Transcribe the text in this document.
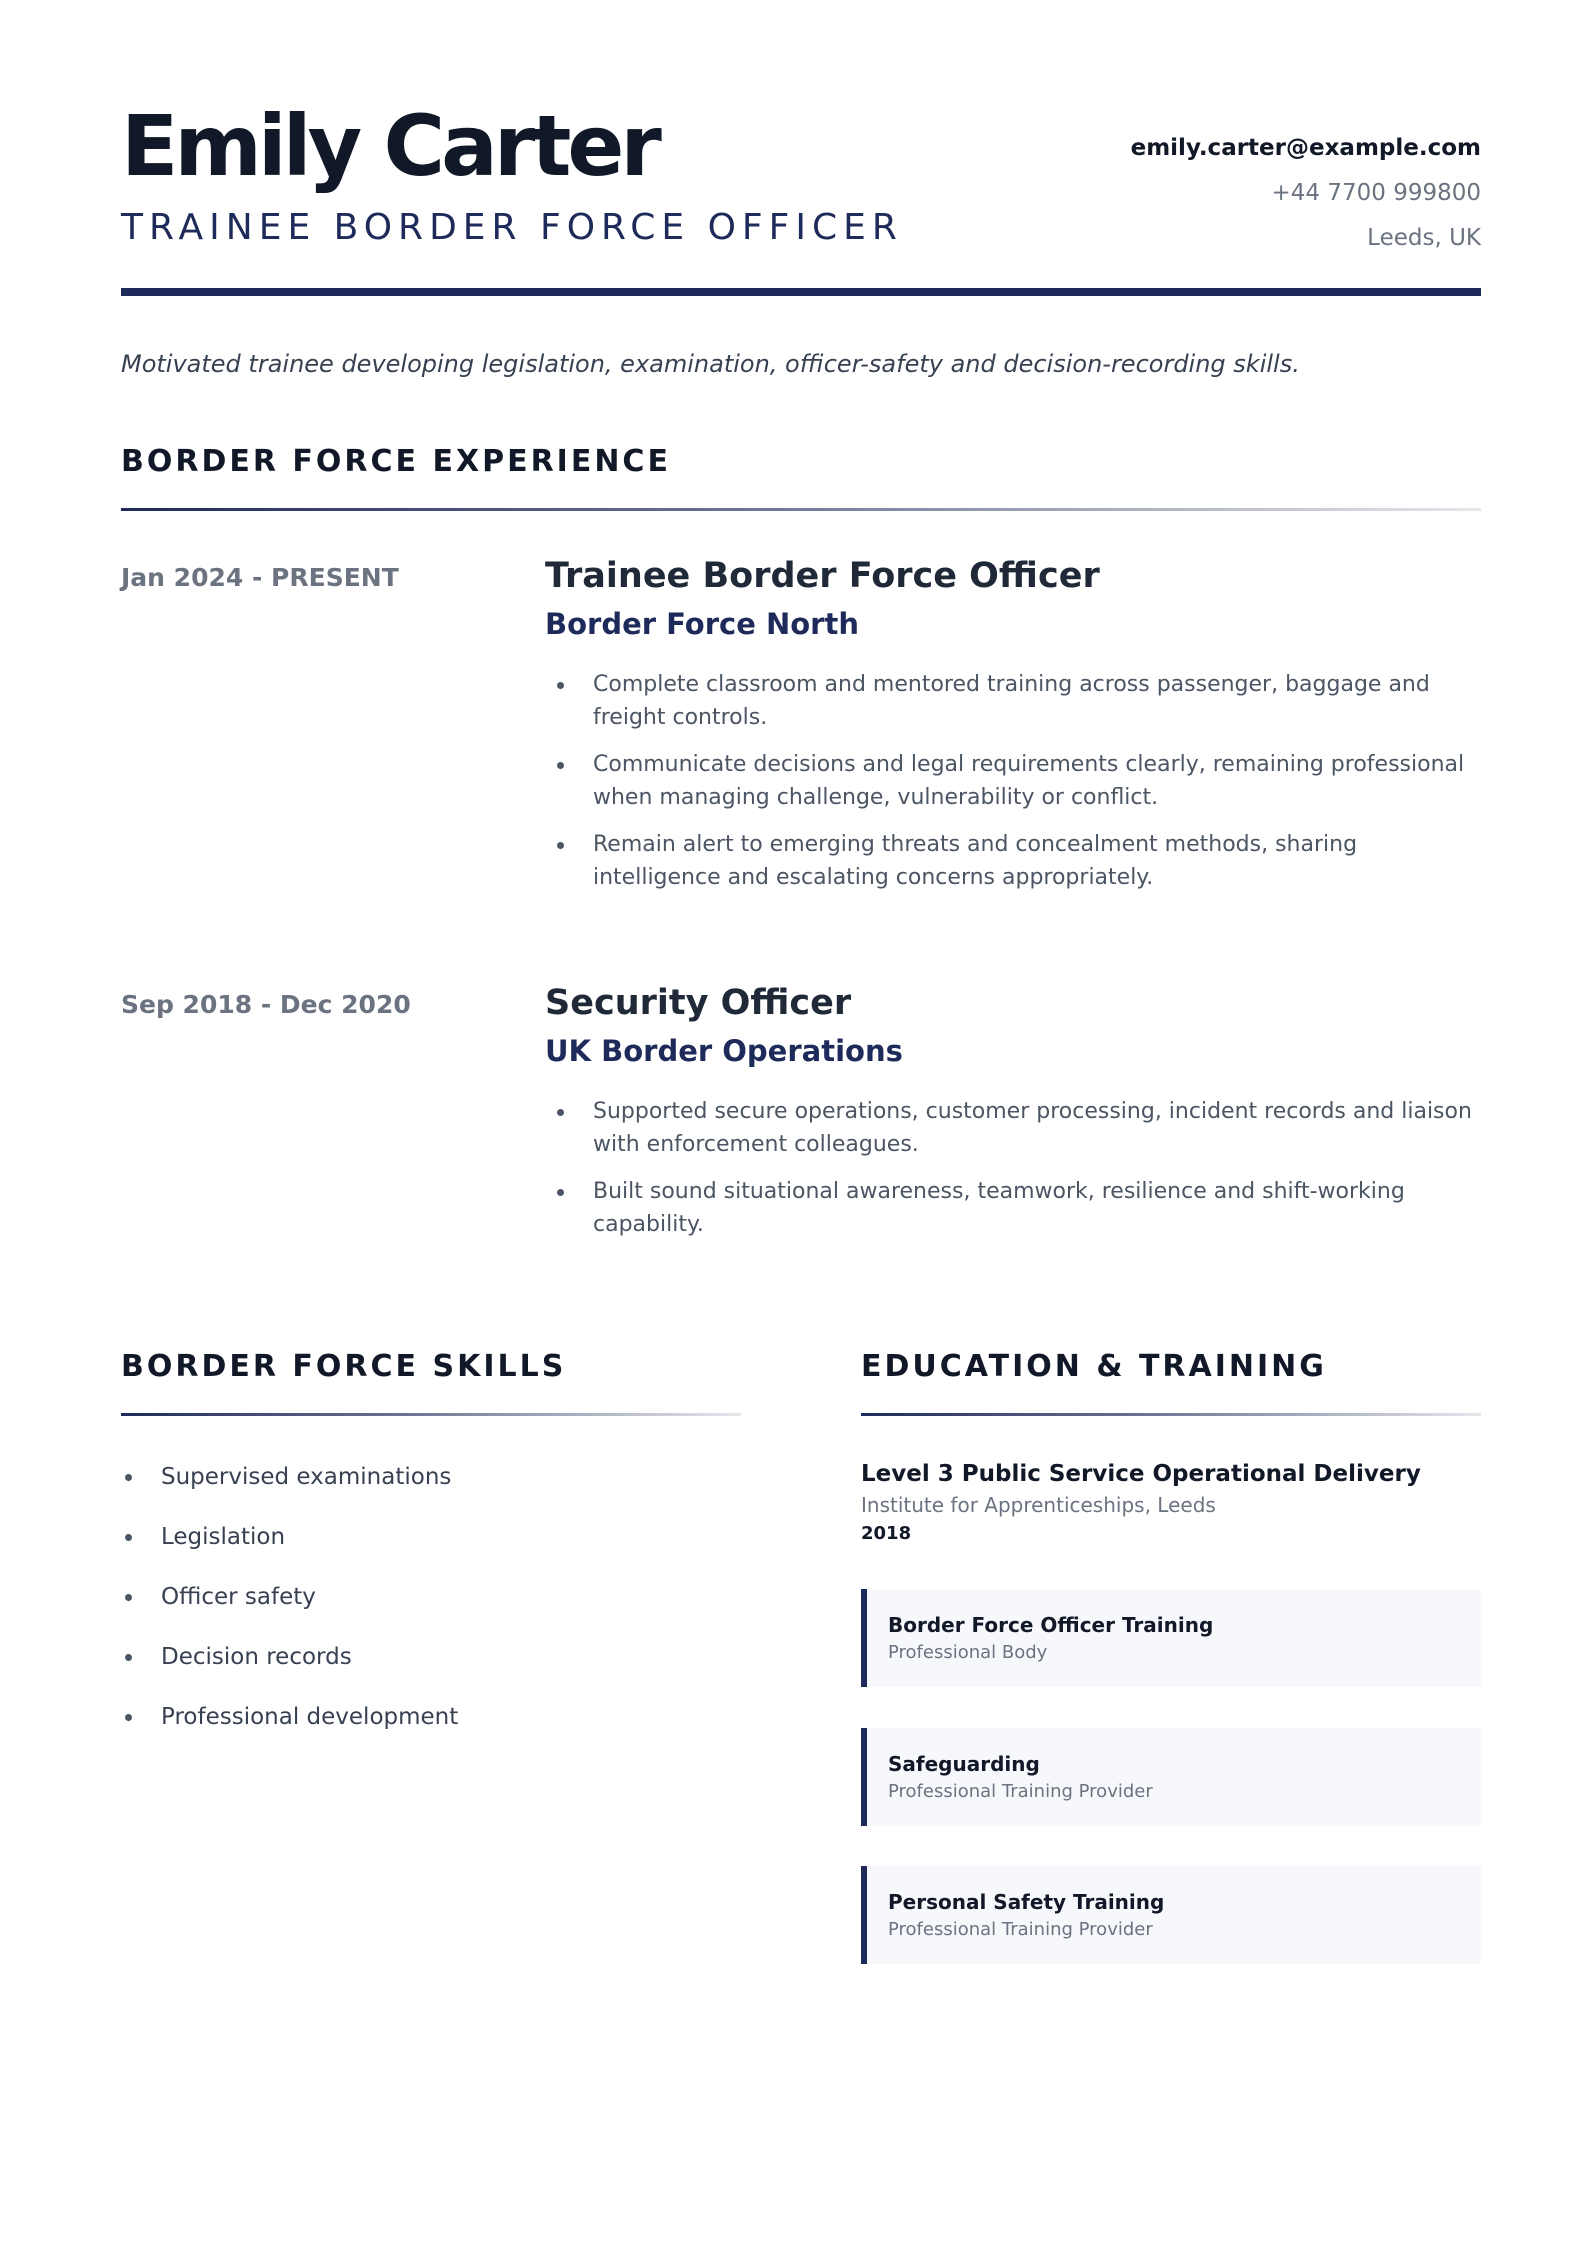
Emily Carter
TRAINEE BORDER FORCE OFFICER
emily.carter@example.com
+44 7700 999800
Leeds, UK
Motivated trainee developing legislation, examination, officer-safety and decision-recording skills.
BORDER FORCE EXPERIENCE
Jan 2024 - PRESENT	Trainee Border Force Officer
Border Force North
Complete classroom and mentored training across passenger, baggage and freight controls.
Communicate decisions and legal requirements clearly, remaining professional when managing challenge, vulnerability or conflict.
Remain alert to emerging threats and concealment methods, sharing intelligence and escalating concerns appropriately.
Sep 2018 - Dec 2020	Security Officer
UK Border Operations
Supported secure operations, customer processing, incident records and liaison with enforcement colleagues.
Built sound situational awareness, teamwork, resilience and shift-working capability.
BORDER FORCE SKILLS
Supervised examinations
Legislation
Officer safety
Decision records
Professional development
EDUCATION & TRAINING
Level 3 Public Service Operational Delivery
Institute for Apprenticeships, Leeds
2018
Border Force Officer Training
Professional Body
Safeguarding
Professional Training Provider
Personal Safety Training
Professional Training Provider
